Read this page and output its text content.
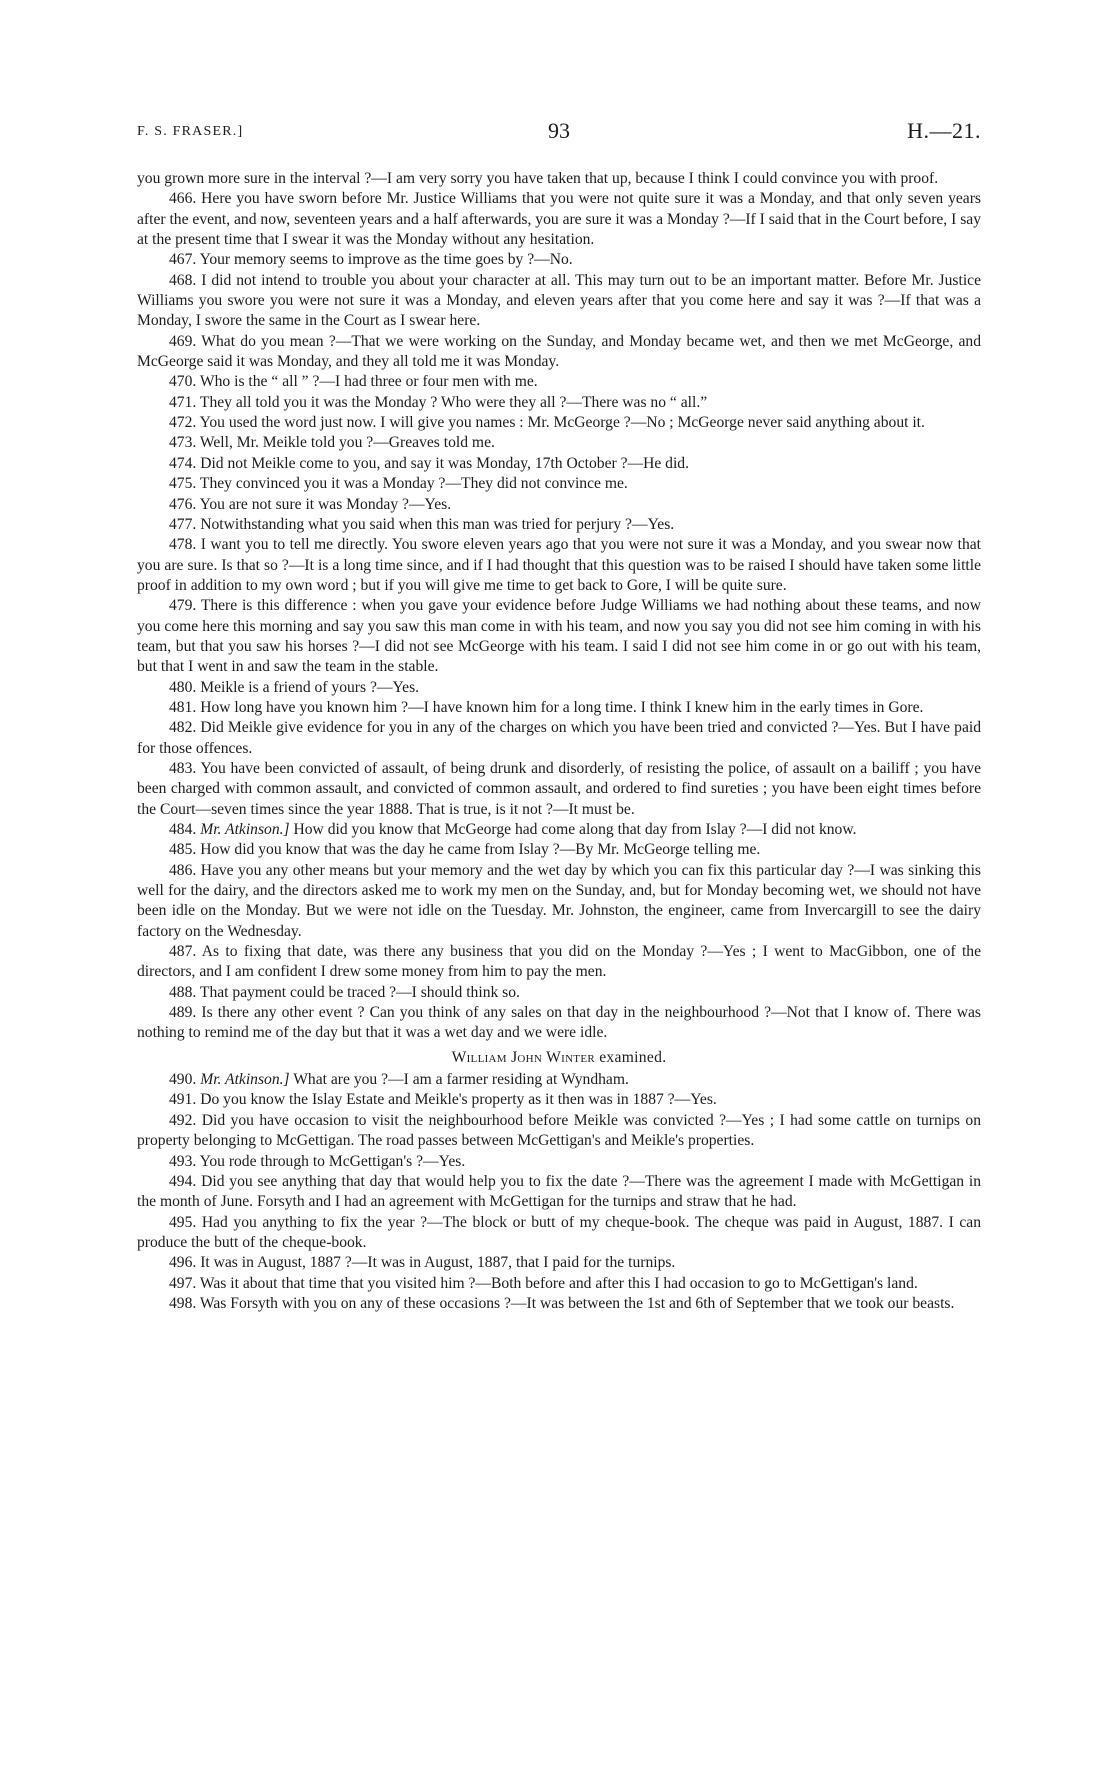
F. S. FRASER.]	93	H.—21.

you grown more sure in the interval ?—I am very sorry you have taken that up, because I think I could convince you with proof.

466. Here you have sworn before Mr. Justice Williams that you were not quite sure it was a Monday, and that only seven years after the event, and now, seventeen years and a half afterwards, you are sure it was a Monday ?—If I said that in the Court before, I say at the present time that I swear it was the Monday without any hesitation.

467. Your memory seems to improve as the time goes by ?—No.

468. I did not intend to trouble you about your character at all. This may turn out to be an important matter. Before Mr. Justice Williams you swore you were not sure it was a Monday, and eleven years after that you come here and say it was ?—If that was a Monday, I swore the same in the Court as I swear here.

469. What do you mean ?—That we were working on the Sunday, and Monday became wet, and then we met McGeorge, and McGeorge said it was Monday, and they all told me it was Monday.

470. Who is the “ all ” ?—I had three or four men with me.

471. They all told you it was the Monday ? Who were they all ?—There was no “ all.”

472. You used the word just now. I will give you names : Mr. McGeorge ?—No ; McGeorge never said anything about it.

473. Well, Mr. Meikle told you ?—Greaves told me.

474. Did not Meikle come to you, and say it was Monday, 17th October ?—He did.

475. They convinced you it was a Monday ?—They did not convince me.

476. You are not sure it was Monday ?—Yes.

477. Notwithstanding what you said when this man was tried for perjury ?—Yes.

478. I want you to tell me directly. You swore eleven years ago that you were not sure it was a Monday, and you swear now that you are sure. Is that so ?—It is a long time since, and if I had thought that this question was to be raised I should have taken some little proof in addition to my own word ; but if you will give me time to get back to Gore, I will be quite sure.

479. There is this difference : when you gave your evidence before Judge Williams we had nothing about these teams, and now you come here this morning and say you saw this man come in with his team, and now you say you did not see him coming in with his team, but that you saw his horses ?—I did not see McGeorge with his team. I said I did not see him come in or go out with his team, but that I went in and saw the team in the stable.

480. Meikle is a friend of yours ?—Yes.

481. How long have you known him ?—I have known him for a long time. I think I knew him in the early times in Gore.

482. Did Meikle give evidence for you in any of the charges on which you have been tried and convicted ?—Yes. But I have paid for those offences.

483. You have been convicted of assault, of being drunk and disorderly, of resisting the police, of assault on a bailiff ; you have been charged with common assault, and convicted of common assault, and ordered to find sureties ; you have been eight times before the Court—seven times since the year 1888. That is true, is it not ?—It must be.

484. Mr. Atkinson.] How did you know that McGeorge had come along that day from Islay ?—I did not know.

485. How did you know that was the day he came from Islay ?—By Mr. McGeorge telling me.

486. Have you any other means but your memory and the wet day by which you can fix this particular day ?—I was sinking this well for the dairy, and the directors asked me to work my men on the Sunday, and, but for Monday becoming wet, we should not have been idle on the Monday. But we were not idle on the Tuesday. Mr. Johnston, the engineer, came from Invercargill to see the dairy factory on the Wednesday.

487. As to fixing that date, was there any business that you did on the Monday ?—Yes ; I went to MacGibbon, one of the directors, and I am confident I drew some money from him to pay the men.

488. That payment could be traced ?—I should think so.

489. Is there any other event ? Can you think of any sales on that day in the neighbourhood ?—Not that I know of. There was nothing to remind me of the day but that it was a wet day and we were idle.

William John Winter examined.

490. Mr. Atkinson.] What are you ?—I am a farmer residing at Wyndham.

491. Do you know the Islay Estate and Meikle's property as it then was in 1887 ?—Yes.

492. Did you have occasion to visit the neighbourhood before Meikle was convicted ?—Yes ; I had some cattle on turnips on property belonging to McGettigan. The road passes between McGettigan's and Meikle's properties.

493. You rode through to McGettigan's ?—Yes.

494. Did you see anything that day that would help you to fix the date ?—There was the agreement I made with McGettigan in the month of June. Forsyth and I had an agreement with McGettigan for the turnips and straw that he had.

495. Had you anything to fix the year ?—The block or butt of my cheque-book. The cheque was paid in August, 1887. I can produce the butt of the cheque-book.

496. It was in August, 1887 ?—It was in August, 1887, that I paid for the turnips.

497. Was it about that time that you visited him ?—Both before and after this I had occasion to go to McGettigan's land.

498. Was Forsyth with you on any of these occasions ?—It was between the 1st and 6th of September that we took our beasts.
